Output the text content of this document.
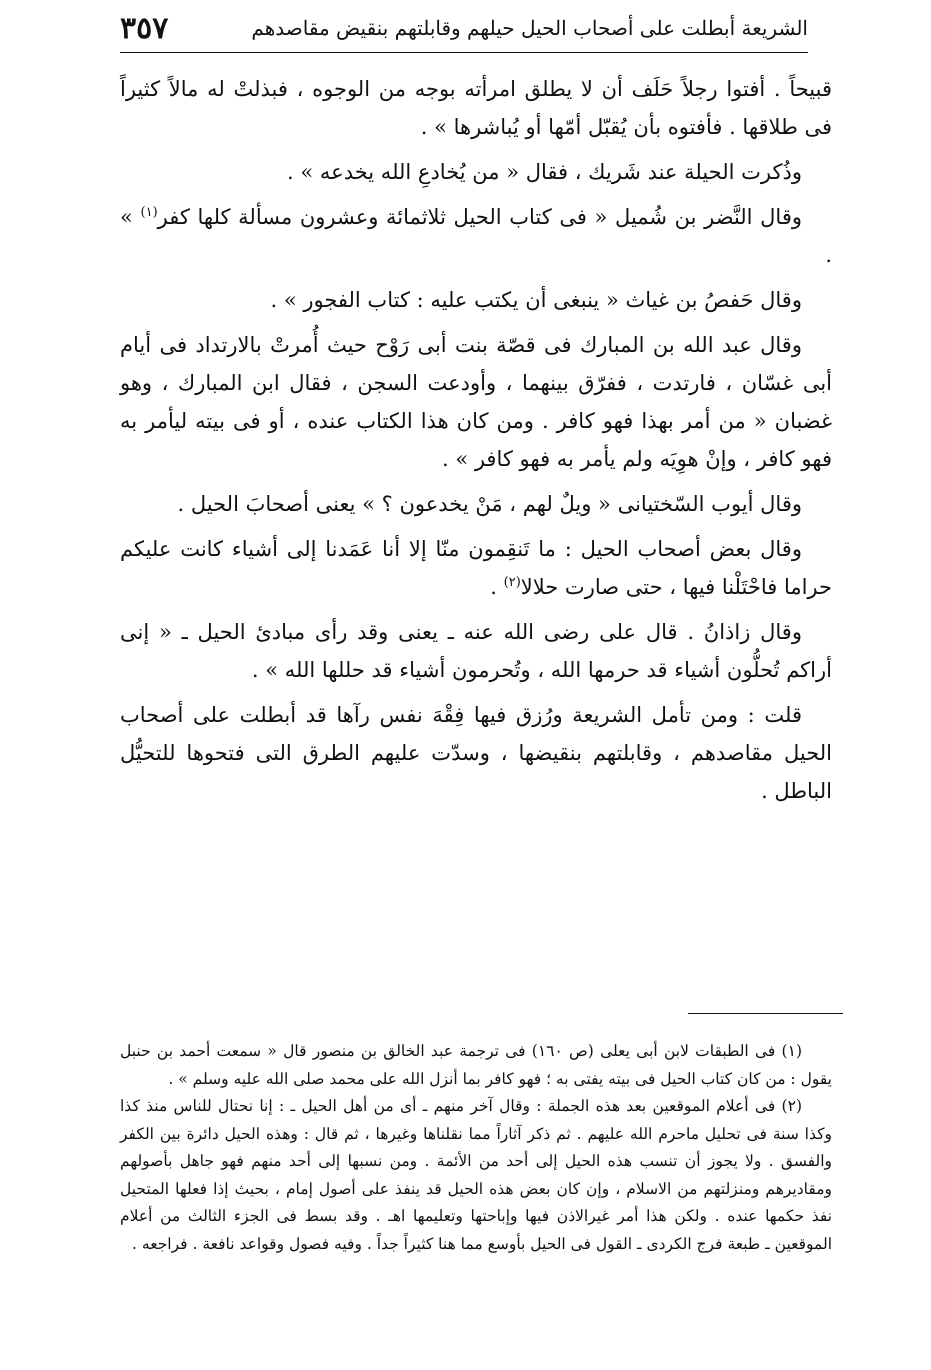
الشريعة أبطلت على أصحاب الحيل حيلهم وقابلتهم بنقيض مقاصدهم
٣٥٧

قبيحاً . أفتوا رجلاً حَلَف أن لا يطلق امرأته بوجه من الوجوه ، فبذلتْ له مالاً كثيراً فى طلاقها . فأفتوه بأن يُقبّل أمّها أو يُباشرها » .

وذُكرت الحيلة عند شَريك ، فقال « من يُخادعِ الله يخدعه » .

وقال النَّضر بن شُميل « فى كتاب الحيل ثلاثمائة وعشرون مسألة كلها كفر$^{(١)}$ » .

وقال حَفصُ بن غياث « ينبغى أن يكتب عليه : كتاب الفجور » .

وقال عبد الله بن المبارك فى قصّة بنت أبى رَوْح حيث أُمرتْ بالارتداد فى أيام أبى غسّان ، فارتدت ، ففرّق بينهما ، وأودعت السجن ، فقال ابن المبارك ، وهو غضبان « من أمر بهذا فهو كافر . ومن كان هذا الكتاب عنده ، أو فى بيته ليأمر به فهو كافر ، وإنْ هوِيَه ولم يأمر به فهو كافر » .

وقال أيوب السّختيانى « ويلٌ لهم ، مَنْ يخدعون ؟ » يعنى أصحابَ الحيل .

وقال بعض أصحاب الحيل : ما تَنقِمون منّا إلا أنا عَمَدنا إلى أشياء كانت عليكم حراما فاحْتَلْنا فيها ، حتى صارت حلالا$^{(٢)}$ .

وقال زاذانُ . قال على رضى الله عنه ـ يعنى وقد رأى مبادئ الحيل ـ « إنى أراكم تُحلُّون أشياء قد حرمها الله ، وتُحرمون أشياء قد حللها الله » .

قلت : ومن تأمل الشريعة ورُزق فيها فِقْهَ نفس رآها قد أبطلت على أصحاب الحيل مقاصدهم ، وقابلتهم بنقيضها ، وسدّت عليهم الطرق التى فتحوها للتحيُّل الباطل .

(١) فى الطبقات لابن أبى يعلى (ص ١٦٠) فى ترجمة عبد الخالق بن منصور قال « سمعت أحمد بن حنبل يقول : من كان كتاب الحيل فى بيته يفتى به ؛ فهو كافر بما أنزل الله على محمد صلى الله عليه وسلم » .

(٢) فى أعلام الموقعين بعد هذه الجملة : وقال آخر منهم ـ أى من أهل الحيل ـ : إنا نحتال للناس منذ كذا وكذا سنة فى تحليل ماحرم الله عليهم . ثم ذكر آثاراً مما نقلناها وغيرها ، ثم قال : وهذه الحيل دائرة بين الكفر والفسق . ولا يجوز أن تنسب هذه الحيل إلى أحد من الأئمة . ومن نسبها إلى أحد منهم فهو جاهل بأصولهم ومقاديرهم ومنزلتهم من الاسلام ، وإن كان بعض هذه الحيل قد ينفذ على أصول إمام ، بحيث إذا فعلها المتحيل نفذ حكمها عنده . ولكن هذا أمر غيرالاذن فيها وإباحتها وتعليمها اهـ . وقد بسط فى الجزء الثالث من أعلام الموقعين ـ طبعة فرج الكردى ـ القول فى الحيل بأوسع مما هنا كثيراً جداً . وفيه فصول وقواعد نافعة . فراجعه .
